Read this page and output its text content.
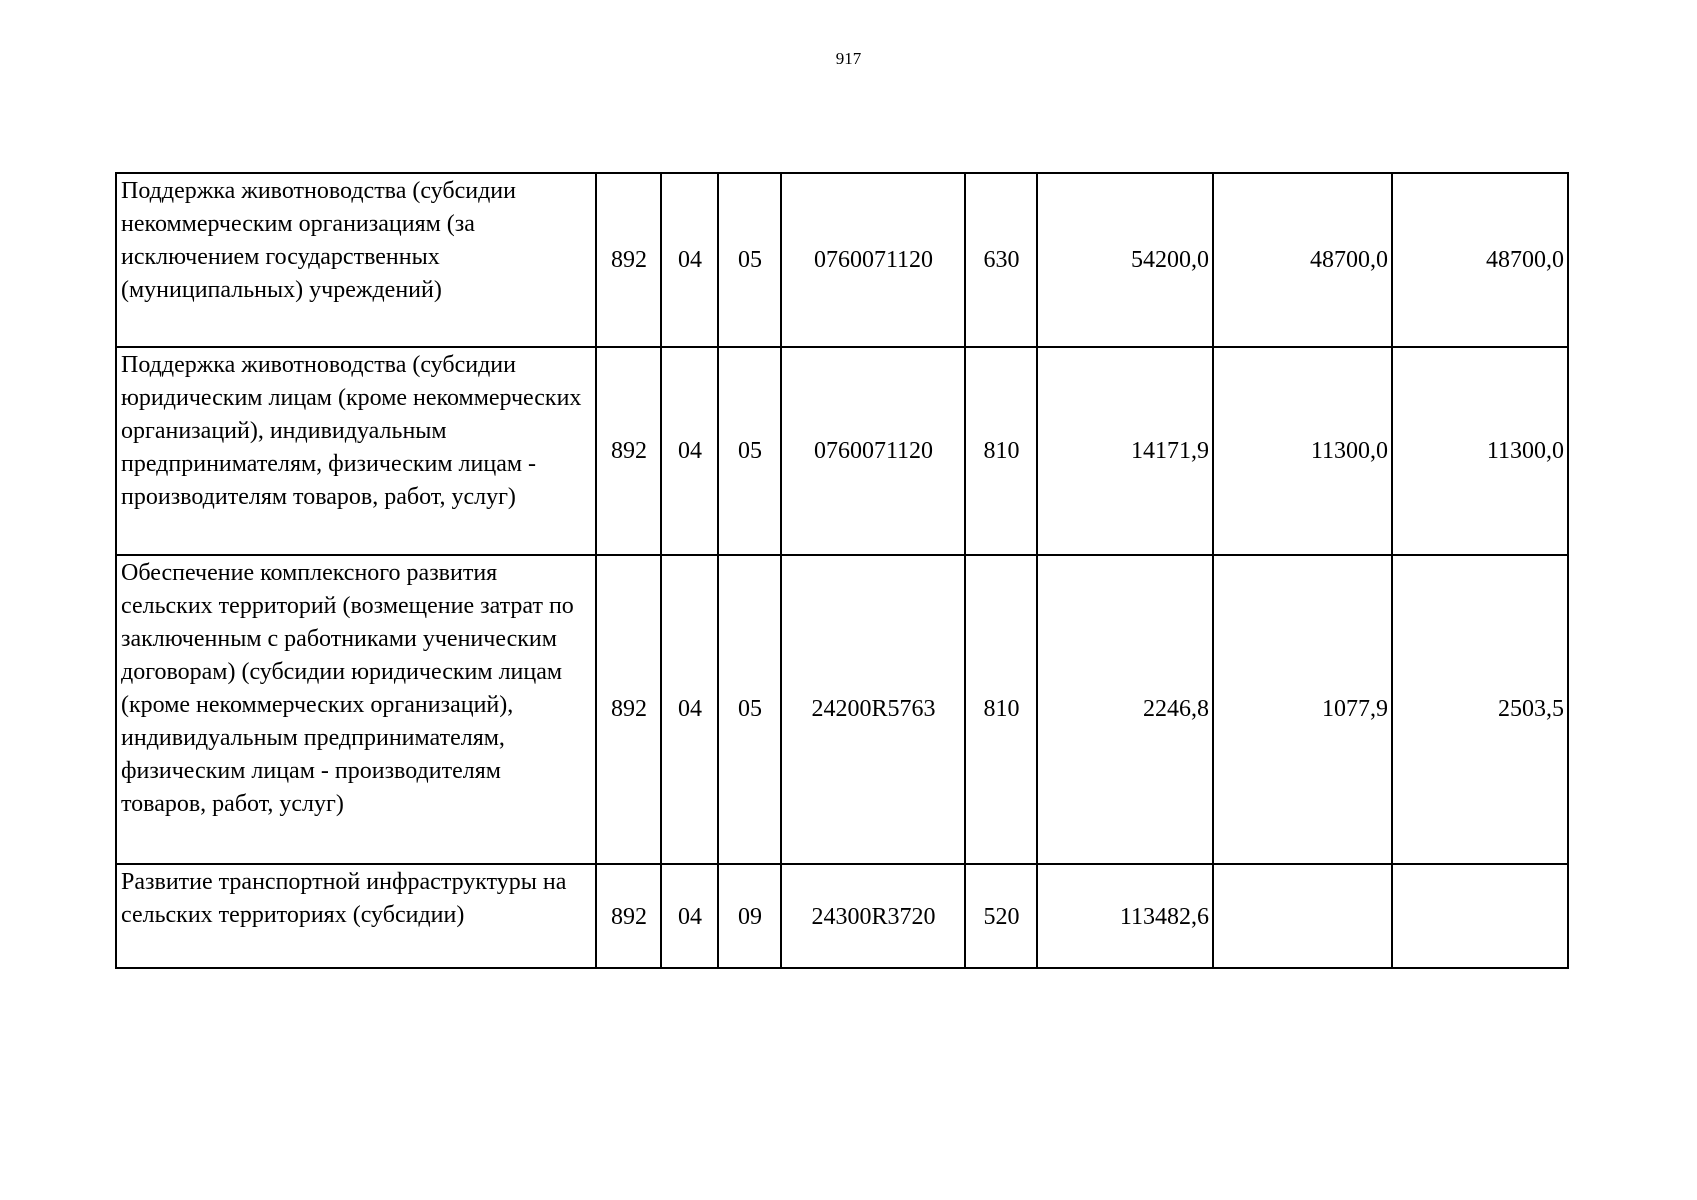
917
Поддержка животноводства (субсидии некоммерческим организациям (за исключением государственных (муниципальных) учреждений)	892	04	05	0760071120	630	54200,0	48700,0	48700,0
Поддержка животноводства (субсидии юридическим лицам (кроме некоммерческих организаций), индивидуальным предпринимателям, физическим лицам - производителям товаров, работ, услуг)	892	04	05	0760071120	810	14171,9	11300,0	11300,0
Обеспечение комплексного развития сельских территорий (возмещение затрат по заключенным с работниками ученическим договорам) (субсидии юридическим лицам (кроме некоммерческих организаций), индивидуальным предпринимателям, физическим лицам - производителям товаров, работ, услуг)	892	04	05	24200R5763	810	2246,8	1077,9	2503,5
Развитие транспортной инфраструктуры на сельских территориях (субсидии)	892	04	09	24300R3720	520	113482,6		
